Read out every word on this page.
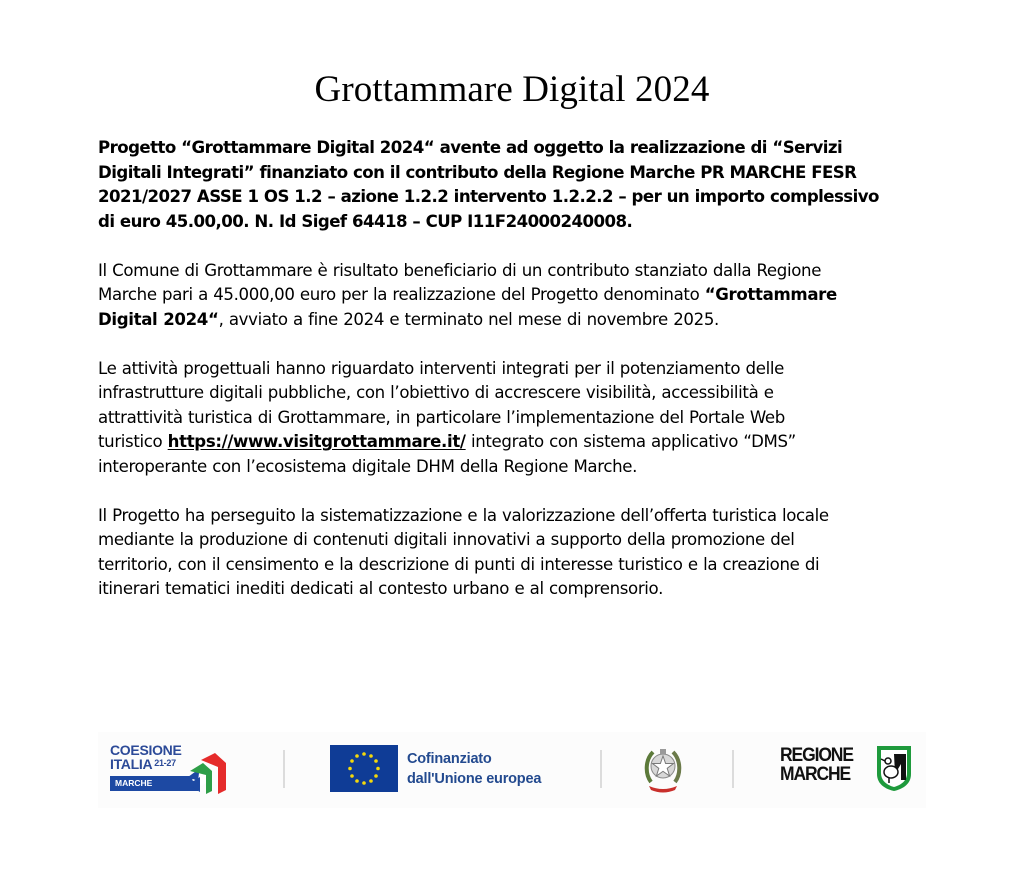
Grottammare Digital 2024

Progetto “Grottammare Digital 2024“ avente ad oggetto la realizzazione di “Servizi
Digitali Integrati” finanziato con il contributo della Regione Marche PR MARCHE FESR
2021/2027 ASSE 1 OS 1.2 – azione 1.2.2 intervento 1.2.2.2 – per un importo complessivo
di euro 45.00,00. N. Id Sigef 64418 – CUP I11F24000240008.

Il Comune di Grottammare è risultato beneficiario di un contributo stanziato dalla Regione
Marche pari a 45.000,00 euro per la realizzazione del Progetto denominato “Grottammare
Digital 2024“, avviato a fine 2024 e terminato nel mese di novembre 2025.

Le attività progettuali hanno riguardato interventi integrati per il potenziamento delle
infrastrutture digitali pubbliche, con l’obiettivo di accrescere visibilità, accessibilità e
attrattività turistica di Grottammare, in particolare l’implementazione del Portale Web
turistico https://www.visitgrottammare.it/ integrato con sistema applicativo “DMS”
interoperante con l’ecosistema digitale DHM della Regione Marche.

Il Progetto ha perseguito la sistematizzazione e la valorizzazione dell’offerta turistica locale
mediante la produzione di contenuti digitali innovativi a supporto della promozione del
territorio, con il censimento e la descrizione di punti di interesse turistico e la creazione di
itinerari tematici inediti dedicati al contesto urbano e al comprensorio.

COESIONE
ITALIA $^{21-27}$
MARCHE
Cofinanziato
dall'Unione europea
REGIONE
MARCHE
